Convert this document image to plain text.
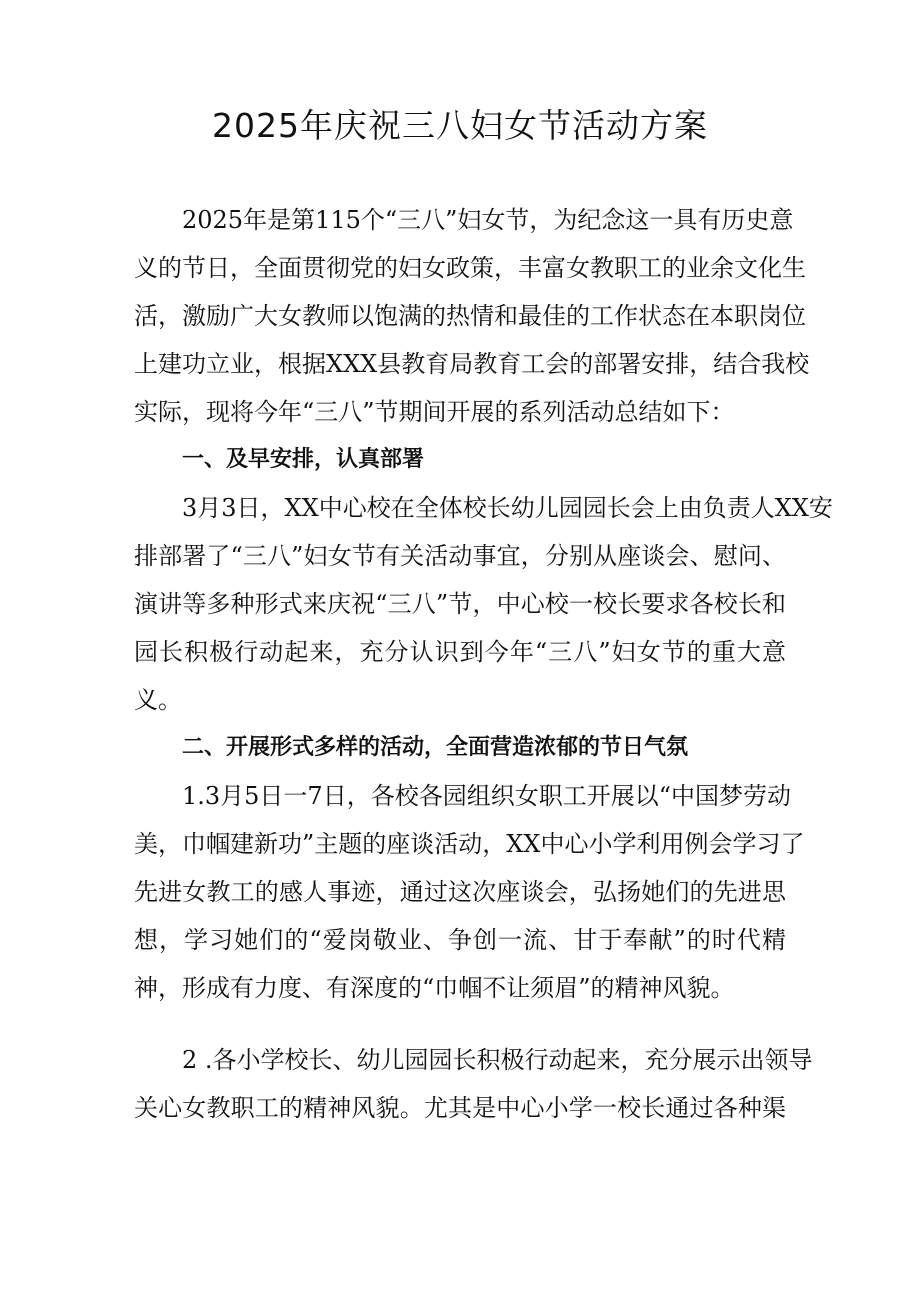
2025年庆祝三八妇女节活动方案
2025年是第115个“三八”妇女节，为纪念这一具有历史意
义的节日，全面贯彻党的妇女政策，丰富女教职工的业余文化生
活，激励广大女教师以饱满的热情和最佳的工作状态在本职岗位
上建功立业，根据XXX县教育局教育工会的部署安排，结合我校
实际，现将今年“三八”节期间开展的系列活动总结如下：
一、及早安排，认真部署
3月3日，XX中心校在全体校长幼儿园园长会上由负责人XX安
排部署了“三八”妇女节有关活动事宜，分别从座谈会、慰问、
演讲等多种形式来庆祝“三八”节，中心校一校长要求各校长和
园长积极行动起来，充分认识到今年“三八”妇女节的重大意
义。
二、开展形式多样的活动，全面营造浓郁的节日气氛
1.3月5日一7日，各校各园组织女职工开展以“中国梦劳动
美，巾帼建新功”主题的座谈活动，XX中心小学利用例会学习了
先进女教工的感人事迹，通过这次座谈会，弘扬她们的先进思
想，学习她们的“爱岗敬业、争创一流、甘于奉献”的时代精
神，形成有力度、有深度的“巾帼不让须眉”的精神风貌。
2 .各小学校长、幼儿园园长积极行动起来，充分展示出领导
关心女教职工的精神风貌。尤其是中心小学一校长通过各种渠
